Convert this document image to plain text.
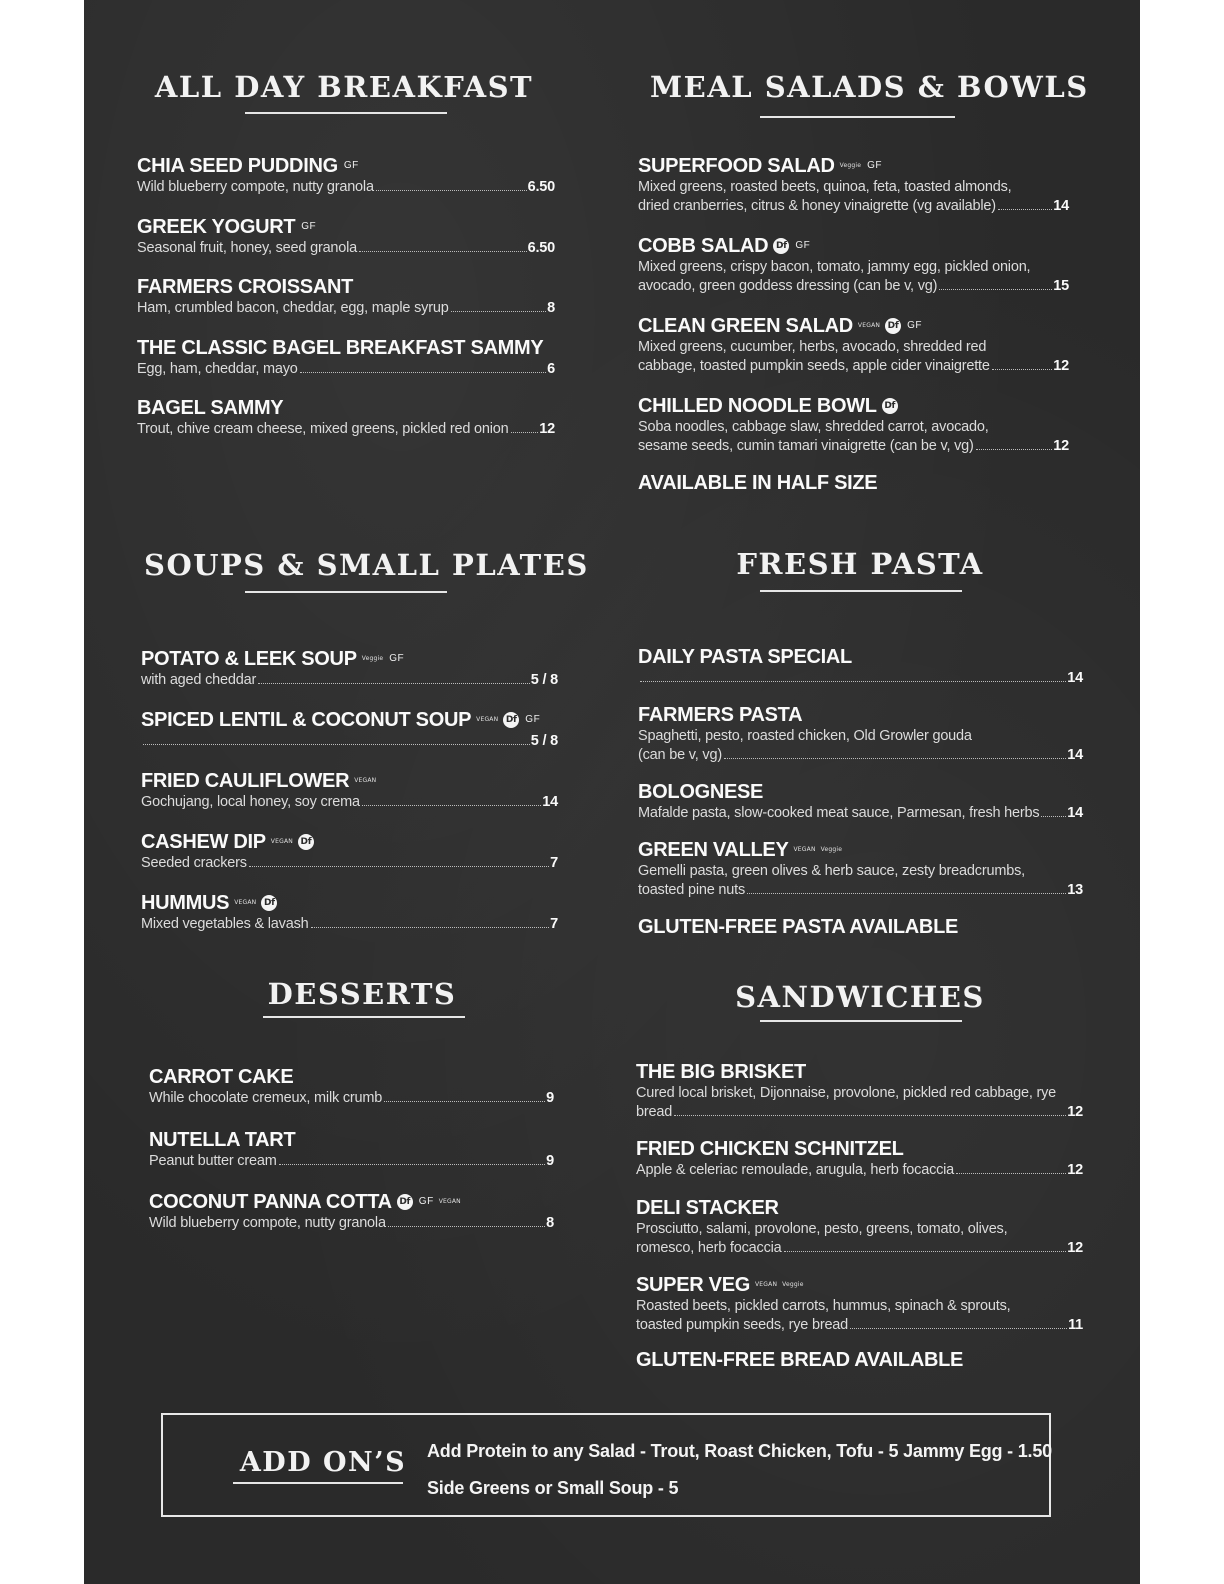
ALL DAY BREAKFAST	MEAL SALADS & BOWLS
SOUPS & SMALL PLATES	FRESH PASTA
DESSERTS	SANDWICHES
CHIA SEED PUDDING GF
Wild blueberry compote, nutty granola	6.50
GREEK YOGURT GF
Seasonal fruit, honey, seed granola	6.50
FARMERS CROISSANT
Ham, crumbled bacon, cheddar, egg, maple syrup	8
THE CLASSIC BAGEL BREAKFAST SAMMY
Egg, ham, cheddar, mayo	6
BAGEL SAMMY
Trout, chive cream cheese, mixed greens, pickled red onion 12
SUPERFOOD SALAD Veggie GF
Mixed greens, roasted beets, quinoa, feta, toasted almonds,
dried cranberries, citrus & honey vinaigrette (vg available)	14
COBB SALAD Df GF
Mixed greens, crispy bacon, tomato, jammy egg, pickled onion,
avocado, green goddess dressing (can be v, vg)	15
CLEAN GREEN SALAD VEGAN Df GF
Mixed greens, cucumber, herbs, avocado, shredded red
cabbage, toasted pumpkin seeds, apple cider vinaigrette	12
CHILLED NOODLE BOWL Df
Soba noodles, cabbage slaw, shredded carrot, avocado,
sesame seeds, cumin tamari vinaigrette (can be v, vg)	12
AVAILABLE IN HALF SIZE
POTATO & LEEK SOUP Veggie GF
with aged cheddar	5 / 8
SPICED LENTIL & COCONUT SOUP VEGAN Df GF
5 / 8
FRIED CAULIFLOWER VEGAN
Gochujang, local honey, soy crema	14
CASHEW DIP VEGAN Df
Seeded crackers	7
HUMMUS VEGAN Df
Mixed vegetables & lavash	7
DAILY PASTA SPECIAL
14
FARMERS PASTA
Spaghetti, pesto, roasted chicken, Old Growler gouda
(can be v, vg)	14
BOLOGNESE
Mafalde pasta, slow-cooked meat sauce, Parmesan, fresh herbs 14
GREEN VALLEY VEGAN Veggie
Gemelli pasta, green olives & herb sauce, zesty breadcrumbs,
toasted pine nuts	13
GLUTEN-FREE PASTA AVAILABLE
CARROT CAKE
While chocolate cremeux, milk crumb	9
NUTELLA TART
Peanut butter cream	9
COCONUT PANNA COTTA Df GF VEGAN
Wild blueberry compote, nutty granola	8
THE BIG BRISKET
Cured local brisket, Dijonnaise, provolone, pickled red cabbage, rye
bread	12
FRIED CHICKEN SCHNITZEL
Apple & celeriac remoulade, arugula, herb focaccia	12
DELI STACKER
Prosciutto, salami, provolone, pesto, greens, tomato, olives,
romesco, herb focaccia	12
SUPER VEG VEGAN Veggie
Roasted beets, pickled carrots, hummus, spinach & sprouts,
toasted pumpkin seeds, rye bread	11
GLUTEN-FREE BREAD AVAILABLE
ADD ON’S	Add Protein to any Salad - Trout, Roast Chicken, Tofu - 5 Jammy Egg - 1.50
Side Greens or Small Soup - 5
